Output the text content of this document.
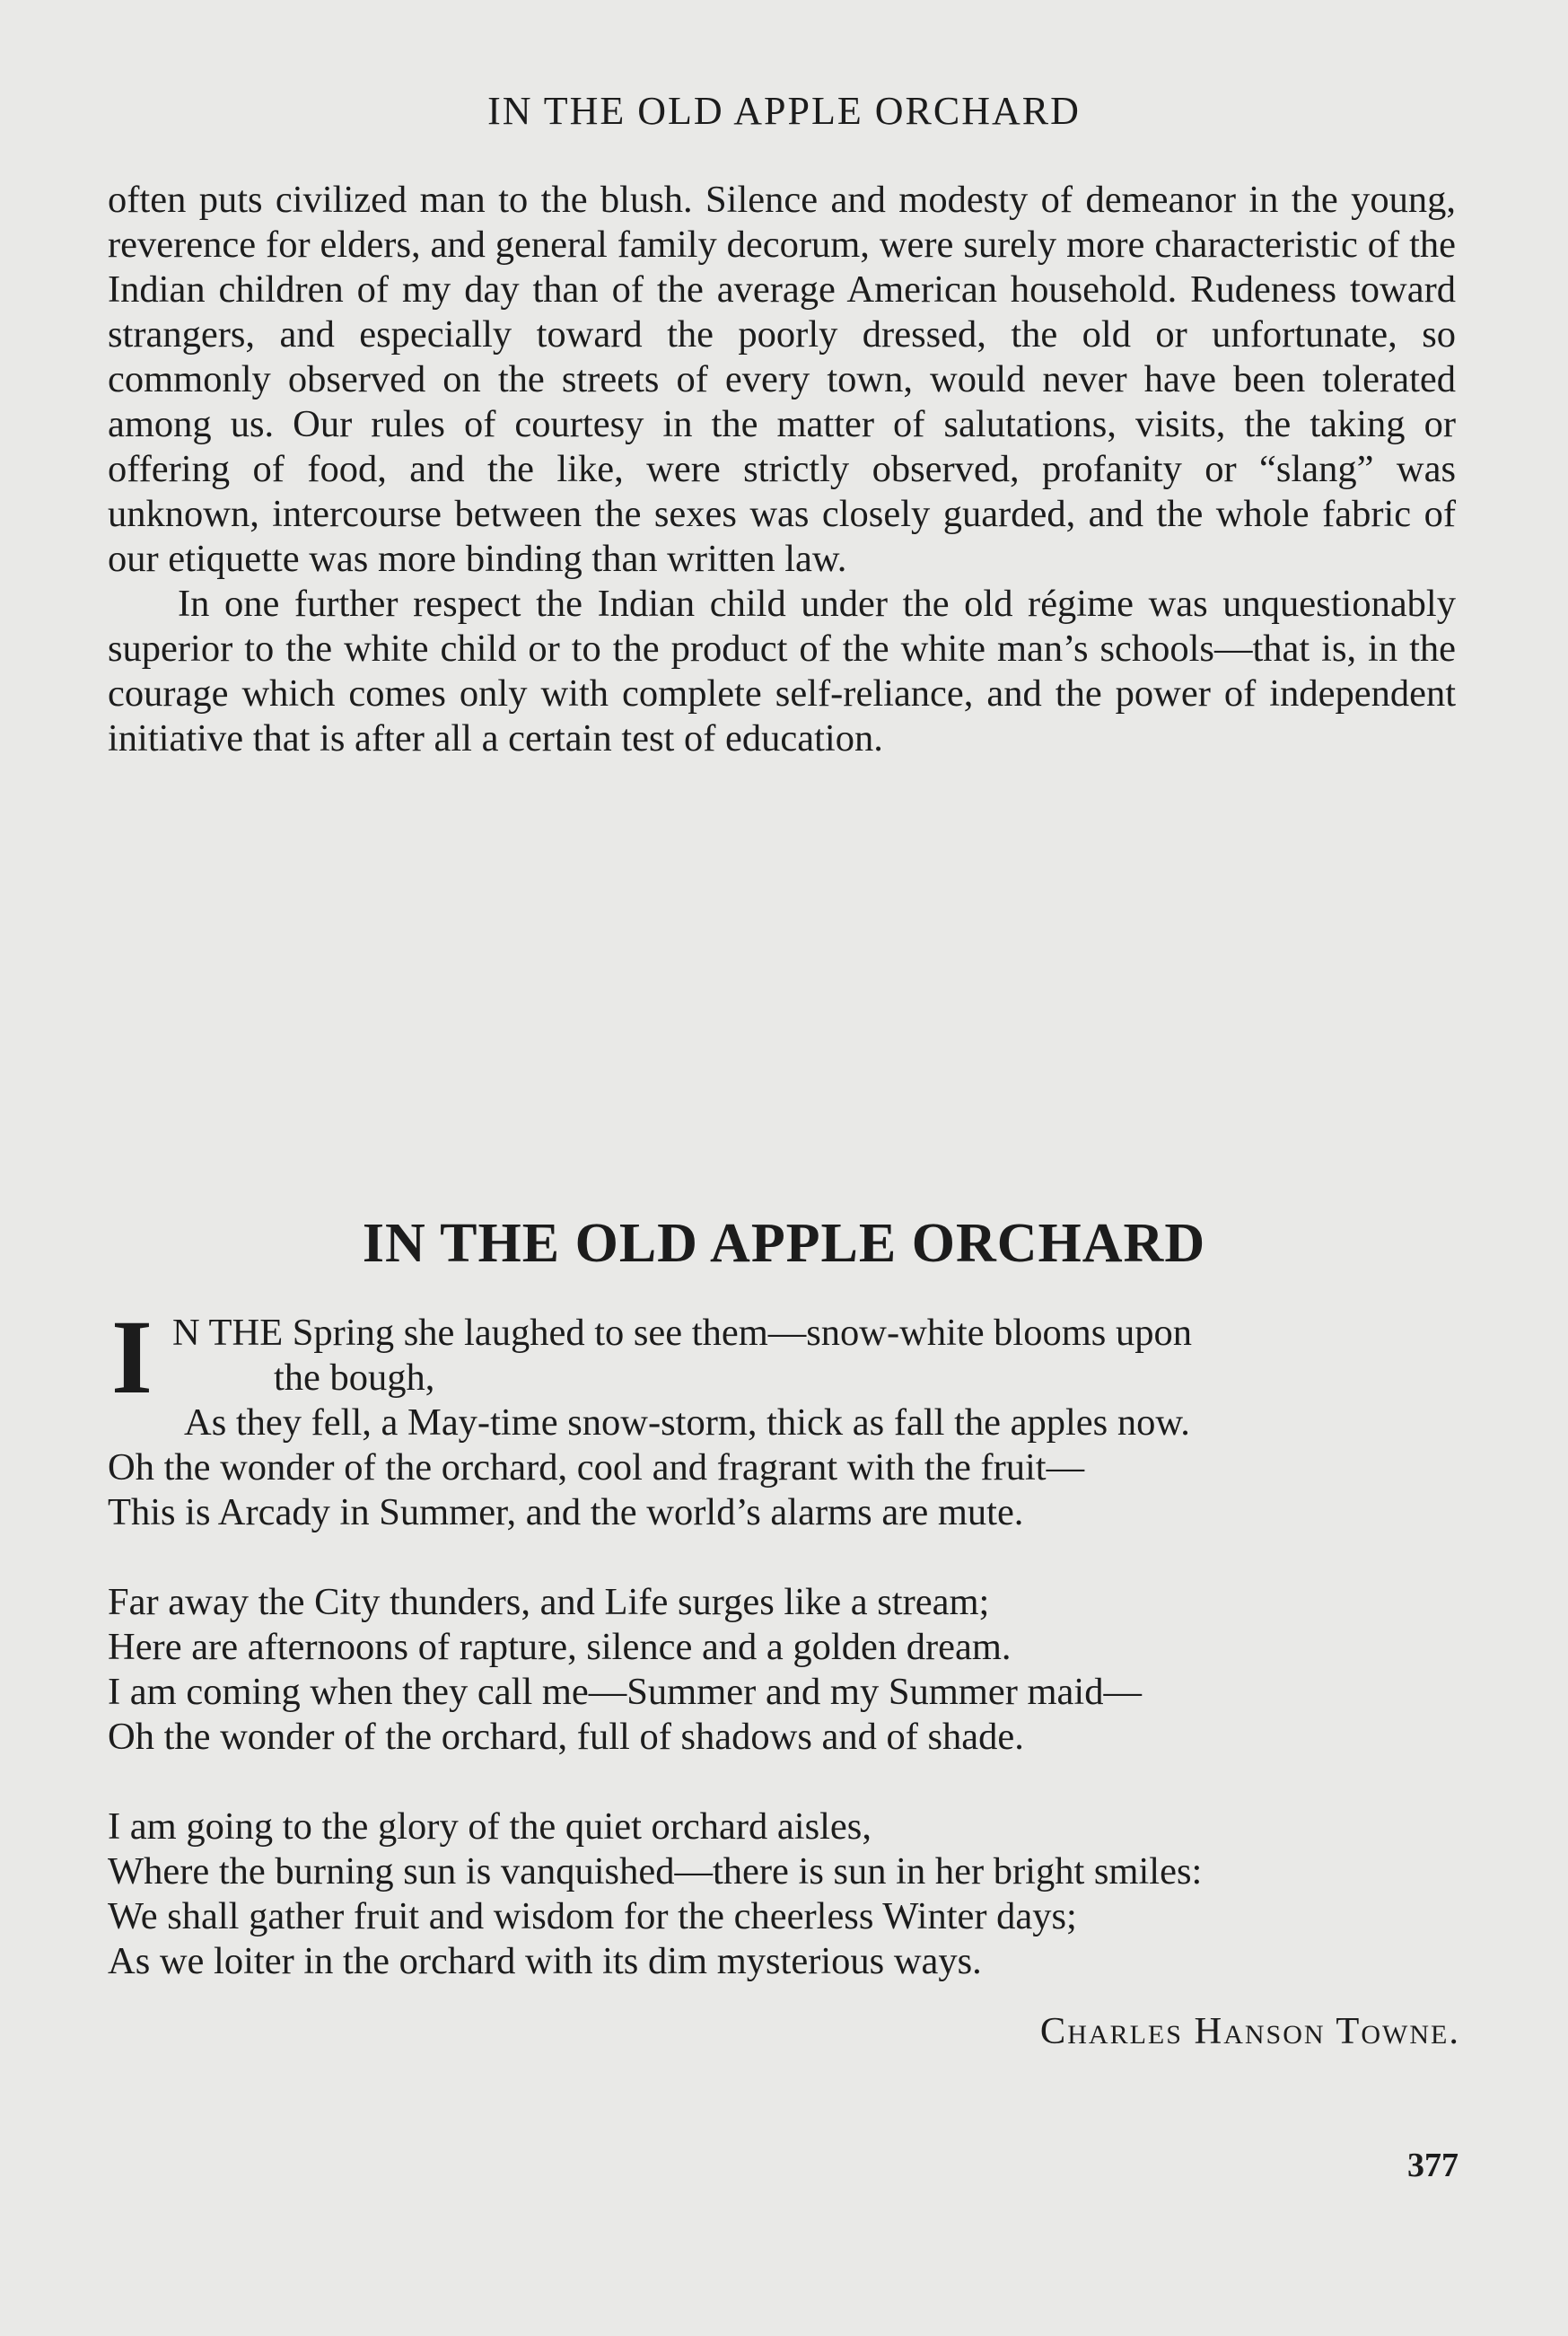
IN THE OLD APPLE ORCHARD

often puts civilized man to the blush. Silence and modesty of demeanor in the young, reverence for elders, and general family decorum, were surely more characteristic of the Indian children of my day than of the average American household. Rudeness toward strangers, and especially toward the poorly dressed, the old or unfortunate, so commonly observed on the streets of every town, would never have been tolerated among us. Our rules of courtesy in the matter of salutations, visits, the taking or offering of food, and the like, were strictly observed, profanity or “slang” was unknown, intercourse between the sexes was closely guarded, and the whole fabric of our etiquette was more binding than written law.

In one further respect the Indian child under the old régime was unquestionably superior to the white child or to the product of the white man’s schools—that is, in the courage which comes only with complete self-reliance, and the power of independent initiative that is after all a certain test of education.

IN THE OLD APPLE ORCHARD
I N THE Spring she laughed to see them—snow-white blooms upon
the bough,
As they fell, a May-time snow-storm, thick as fall the apples now.
Oh the wonder of the orchard, cool and fragrant with the fruit—
This is Arcady in Summer, and the world’s alarms are mute.
Far away the City thunders, and Life surges like a stream;
Here are afternoons of rapture, silence and a golden dream.
I am coming when they call me—Summer and my Summer maid—
Oh the wonder of the orchard, full of shadows and of shade.
I am going to the glory of the quiet orchard aisles,
Where the burning sun is vanquished—there is sun in her bright smiles:
We shall gather fruit and wisdom for the cheerless Winter days;
As we loiter in the orchard with its dim mysterious ways.
Charles Hanson Towne.
377
